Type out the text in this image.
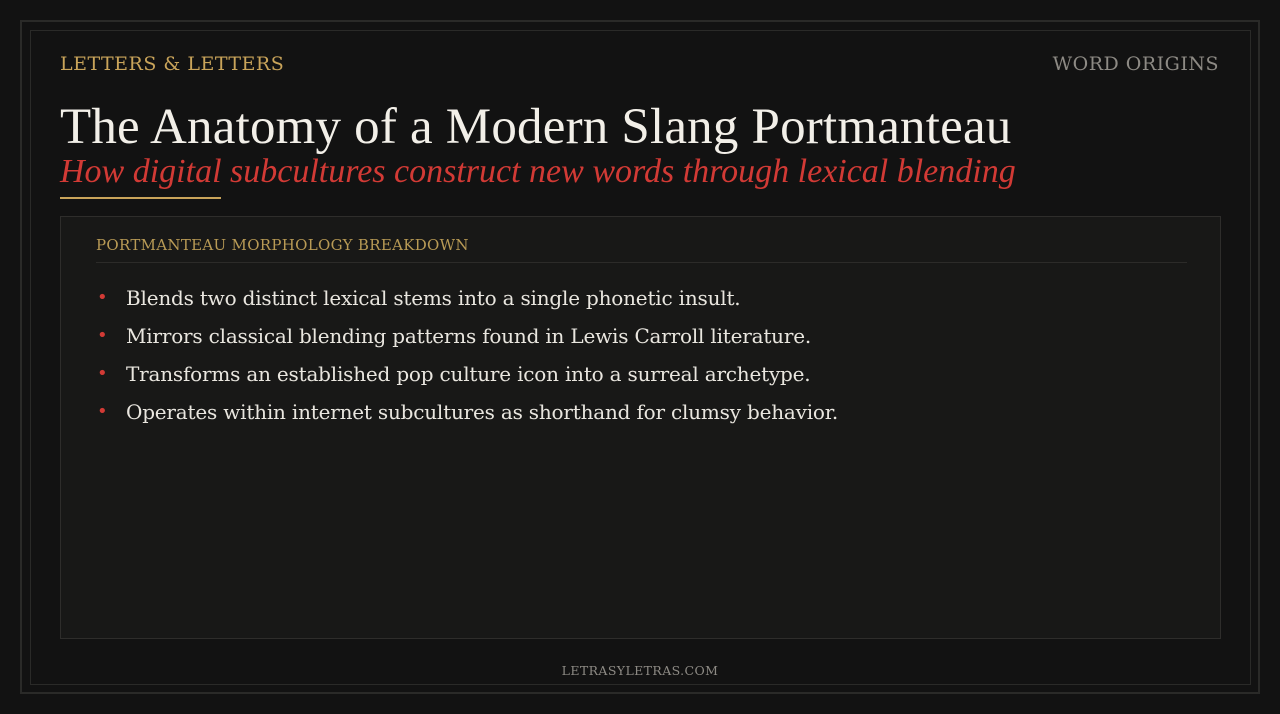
LETTERS & LETTERS	WORD ORIGINS
The Anatomy of a Modern Slang Portmanteau
How digital subcultures construct new words through lexical blending
PORTMANTEAU MORPHOLOGY BREAKDOWN
• Blends two distinct lexical stems into a single phonetic insult.
• Mirrors classical blending patterns found in Lewis Carroll literature.
• Transforms an established pop culture icon into a surreal archetype.
• Operates within internet subcultures as shorthand for clumsy behavior.
LETRASYLETRAS.COM
